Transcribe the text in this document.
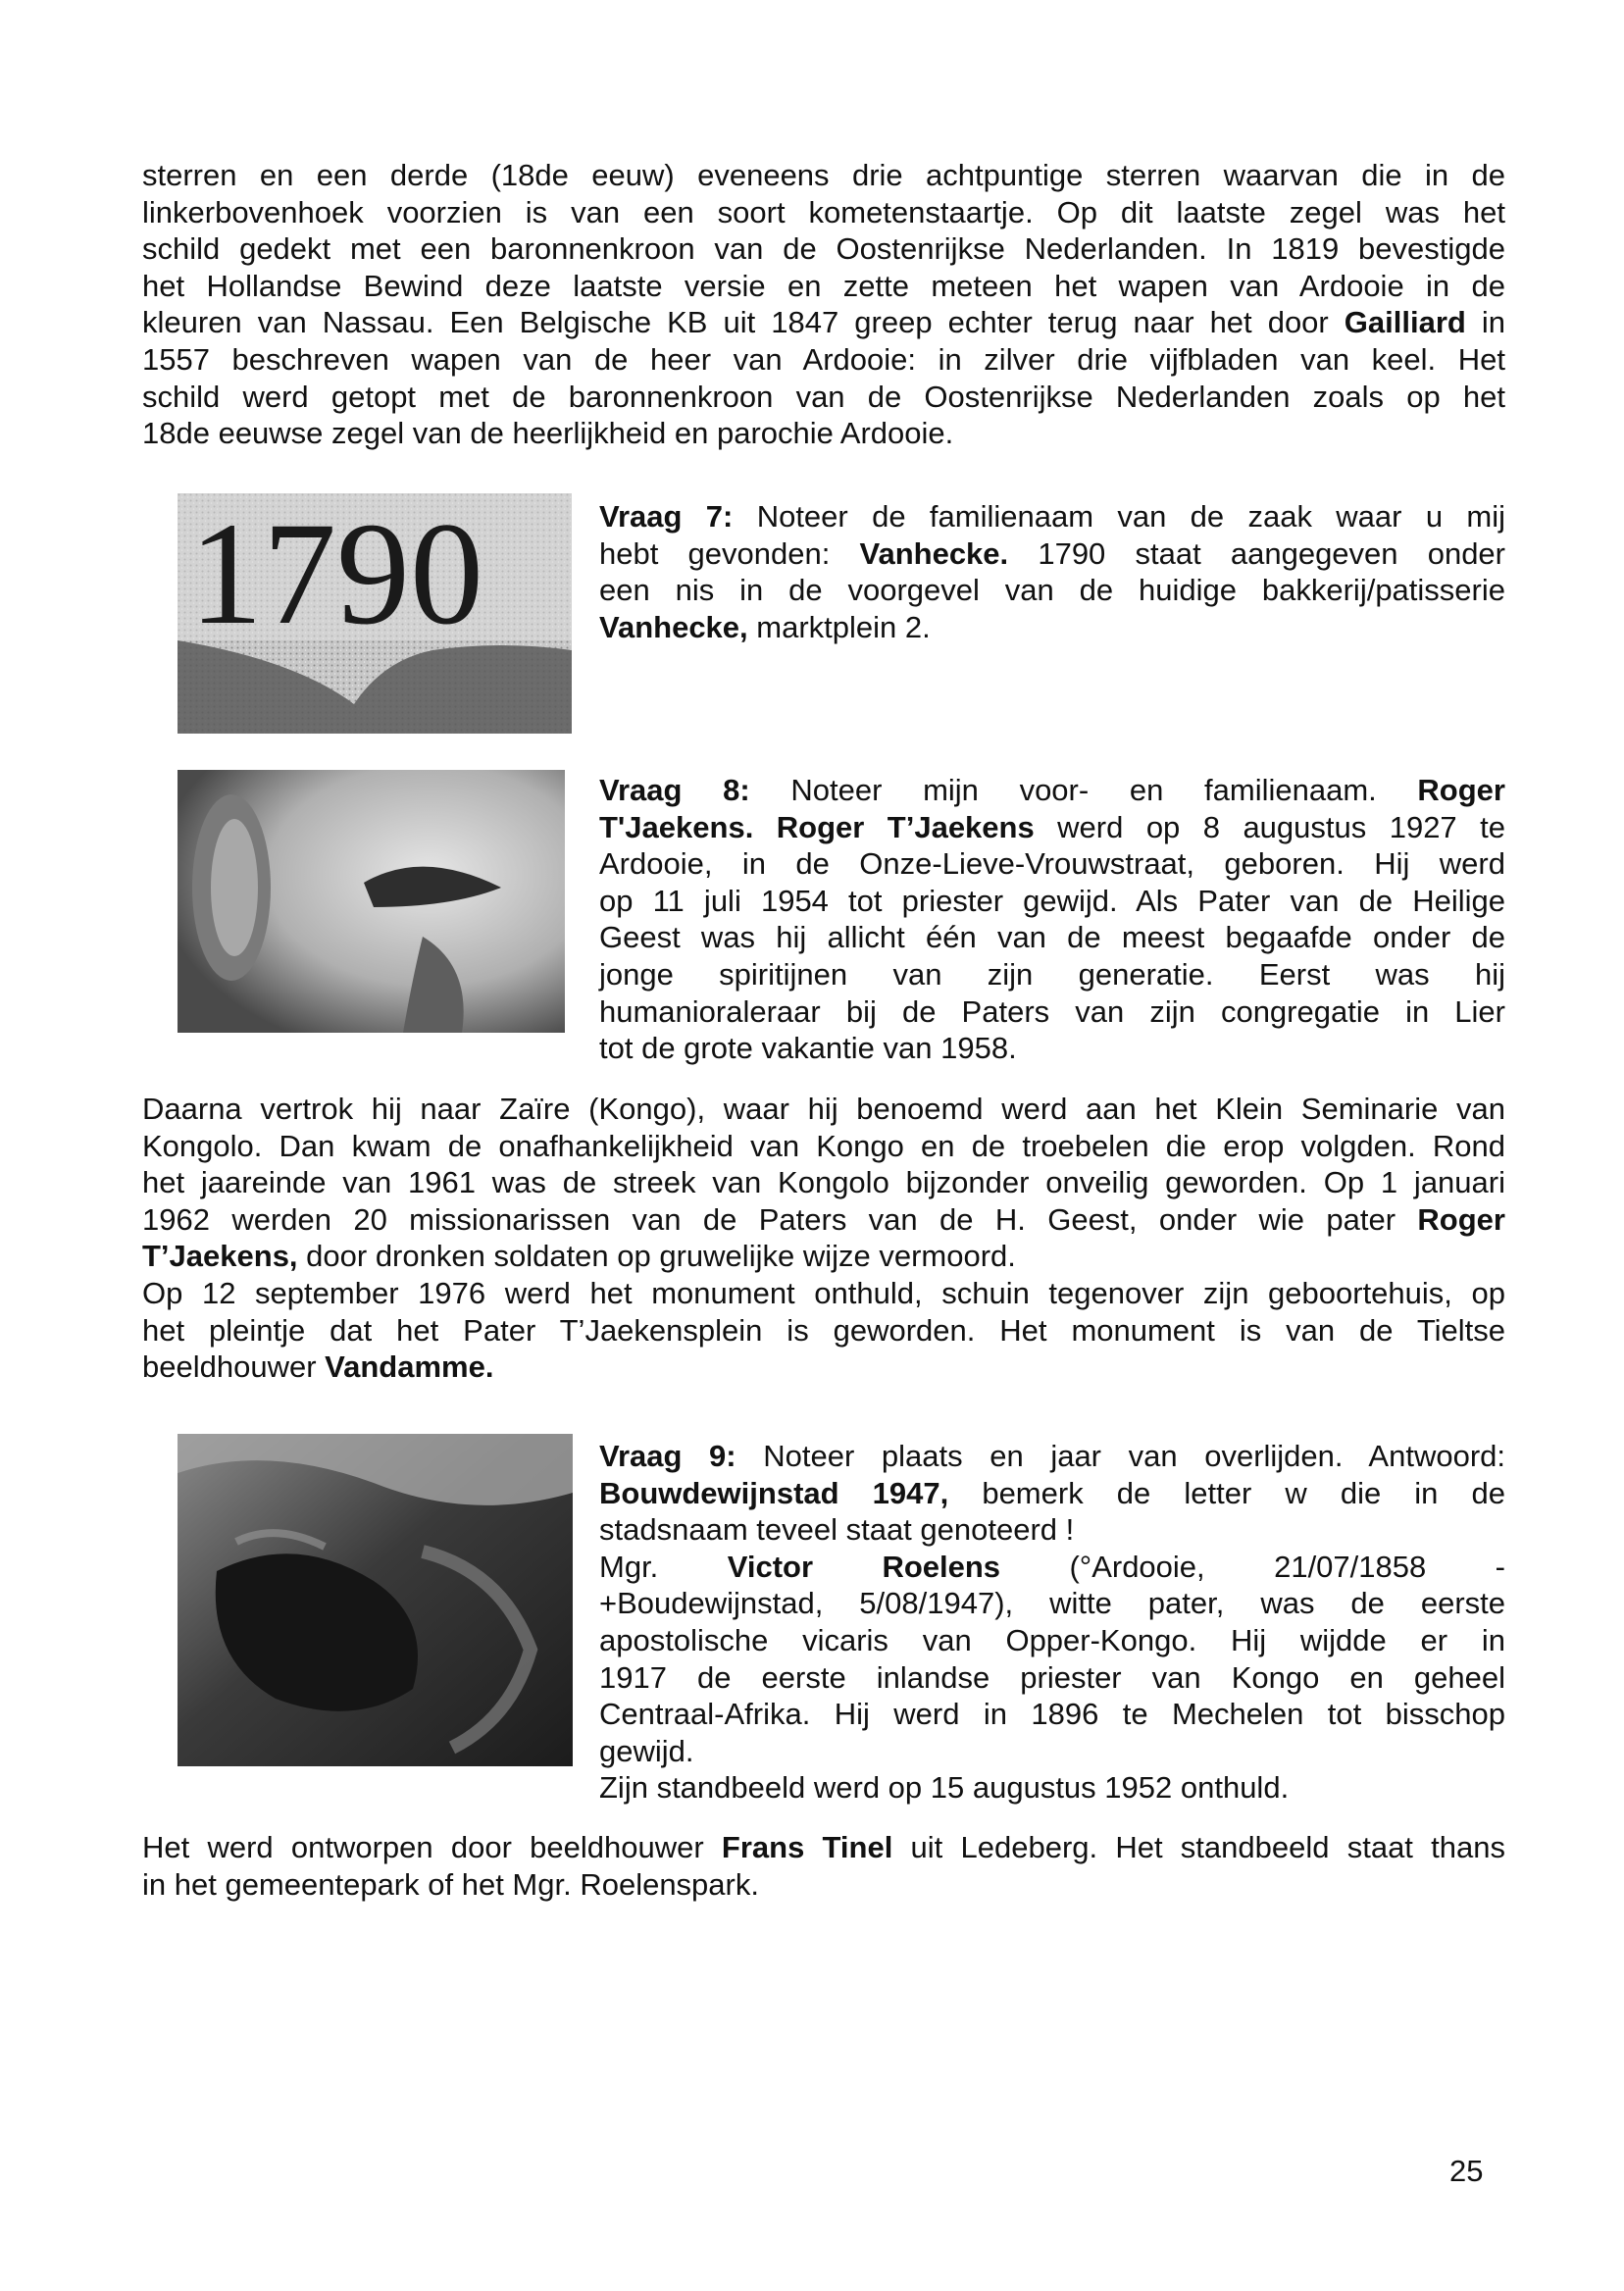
sterren en een derde (18de eeuw) eveneens drie achtpuntige sterren waarvan die in de
linkerbovenhoek voorzien is van een soort kometenstaartje. Op dit laatste zegel was het
schild gedekt met een baronnenkroon van de Oostenrijkse Nederlanden. In 1819 bevestigde
het Hollandse Bewind deze laatste versie en zette meteen het wapen van Ardooie in de
kleuren van Nassau. Een Belgische KB uit 1847 greep echter terug naar het door Gailliard in
1557 beschreven wapen van de heer van Ardooie: in zilver drie vijfbladen van keel. Het
schild werd getopt met de baronnenkroon van de Oostenrijkse Nederlanden zoals op het
18de eeuwse zegel van de heerlijkheid en parochie Ardooie.
1790	Vraag 7: Noteer de familienaam van de zaak waar u mij
hebt gevonden: Vanhecke. 1790 staat aangegeven onder
een nis in de voorgevel van de huidige bakkerij/patisserie
Vanhecke, marktplein 2.
Vraag 8: Noteer mijn voor- en familienaam. Roger
T'Jaekens. Roger T’Jaekens werd op 8 augustus 1927 te
Ardooie, in de Onze-Lieve-Vrouwstraat, geboren. Hij werd
op 11 juli 1954 tot priester gewijd. Als Pater van de Heilige
Geest was hij allicht één van de meest begaafde onder de
jonge spiritijnen van zijn generatie. Eerst was hij
humanioraleraar bij de Paters van zijn congregatie in Lier
tot de grote vakantie van 1958.
Daarna vertrok hij naar Zaïre (Kongo), waar hij benoemd werd aan het Klein Seminarie van
Kongolo. Dan kwam de onafhankelijkheid van Kongo en de troebelen die erop volgden. Rond
het jaareinde van 1961 was de streek van Kongolo bijzonder onveilig geworden. Op 1 januari
1962 werden 20 missionarissen van de Paters van de H. Geest, onder wie pater Roger
T’Jaekens, door dronken soldaten op gruwelijke wijze vermoord.
Op 12 september 1976 werd het monument onthuld, schuin tegenover zijn geboortehuis, op
het pleintje dat het Pater T’Jaekensplein is geworden. Het monument is van de Tieltse
beeldhouwer Vandamme.
Vraag 9: Noteer plaats en jaar van overlijden. Antwoord:
Bouwdewijnstad 1947, bemerk de letter w die in de
stadsnaam teveel staat genoteerd !
Mgr. Victor Roelens (°Ardooie, 21/07/1858 -
+Boudewijnstad, 5/08/1947), witte pater, was de eerste
apostolische vicaris van Opper-Kongo. Hij wijdde er in
1917 de eerste inlandse priester van Kongo en geheel
Centraal-Afrika. Hij werd in 1896 te Mechelen tot bisschop
gewijd.
Zijn standbeeld werd op 15 augustus 1952 onthuld.
Het werd ontworpen door beeldhouwer Frans Tinel uit Ledeberg. Het standbeeld staat thans
in het gemeentepark of het Mgr. Roelenspark.
25
